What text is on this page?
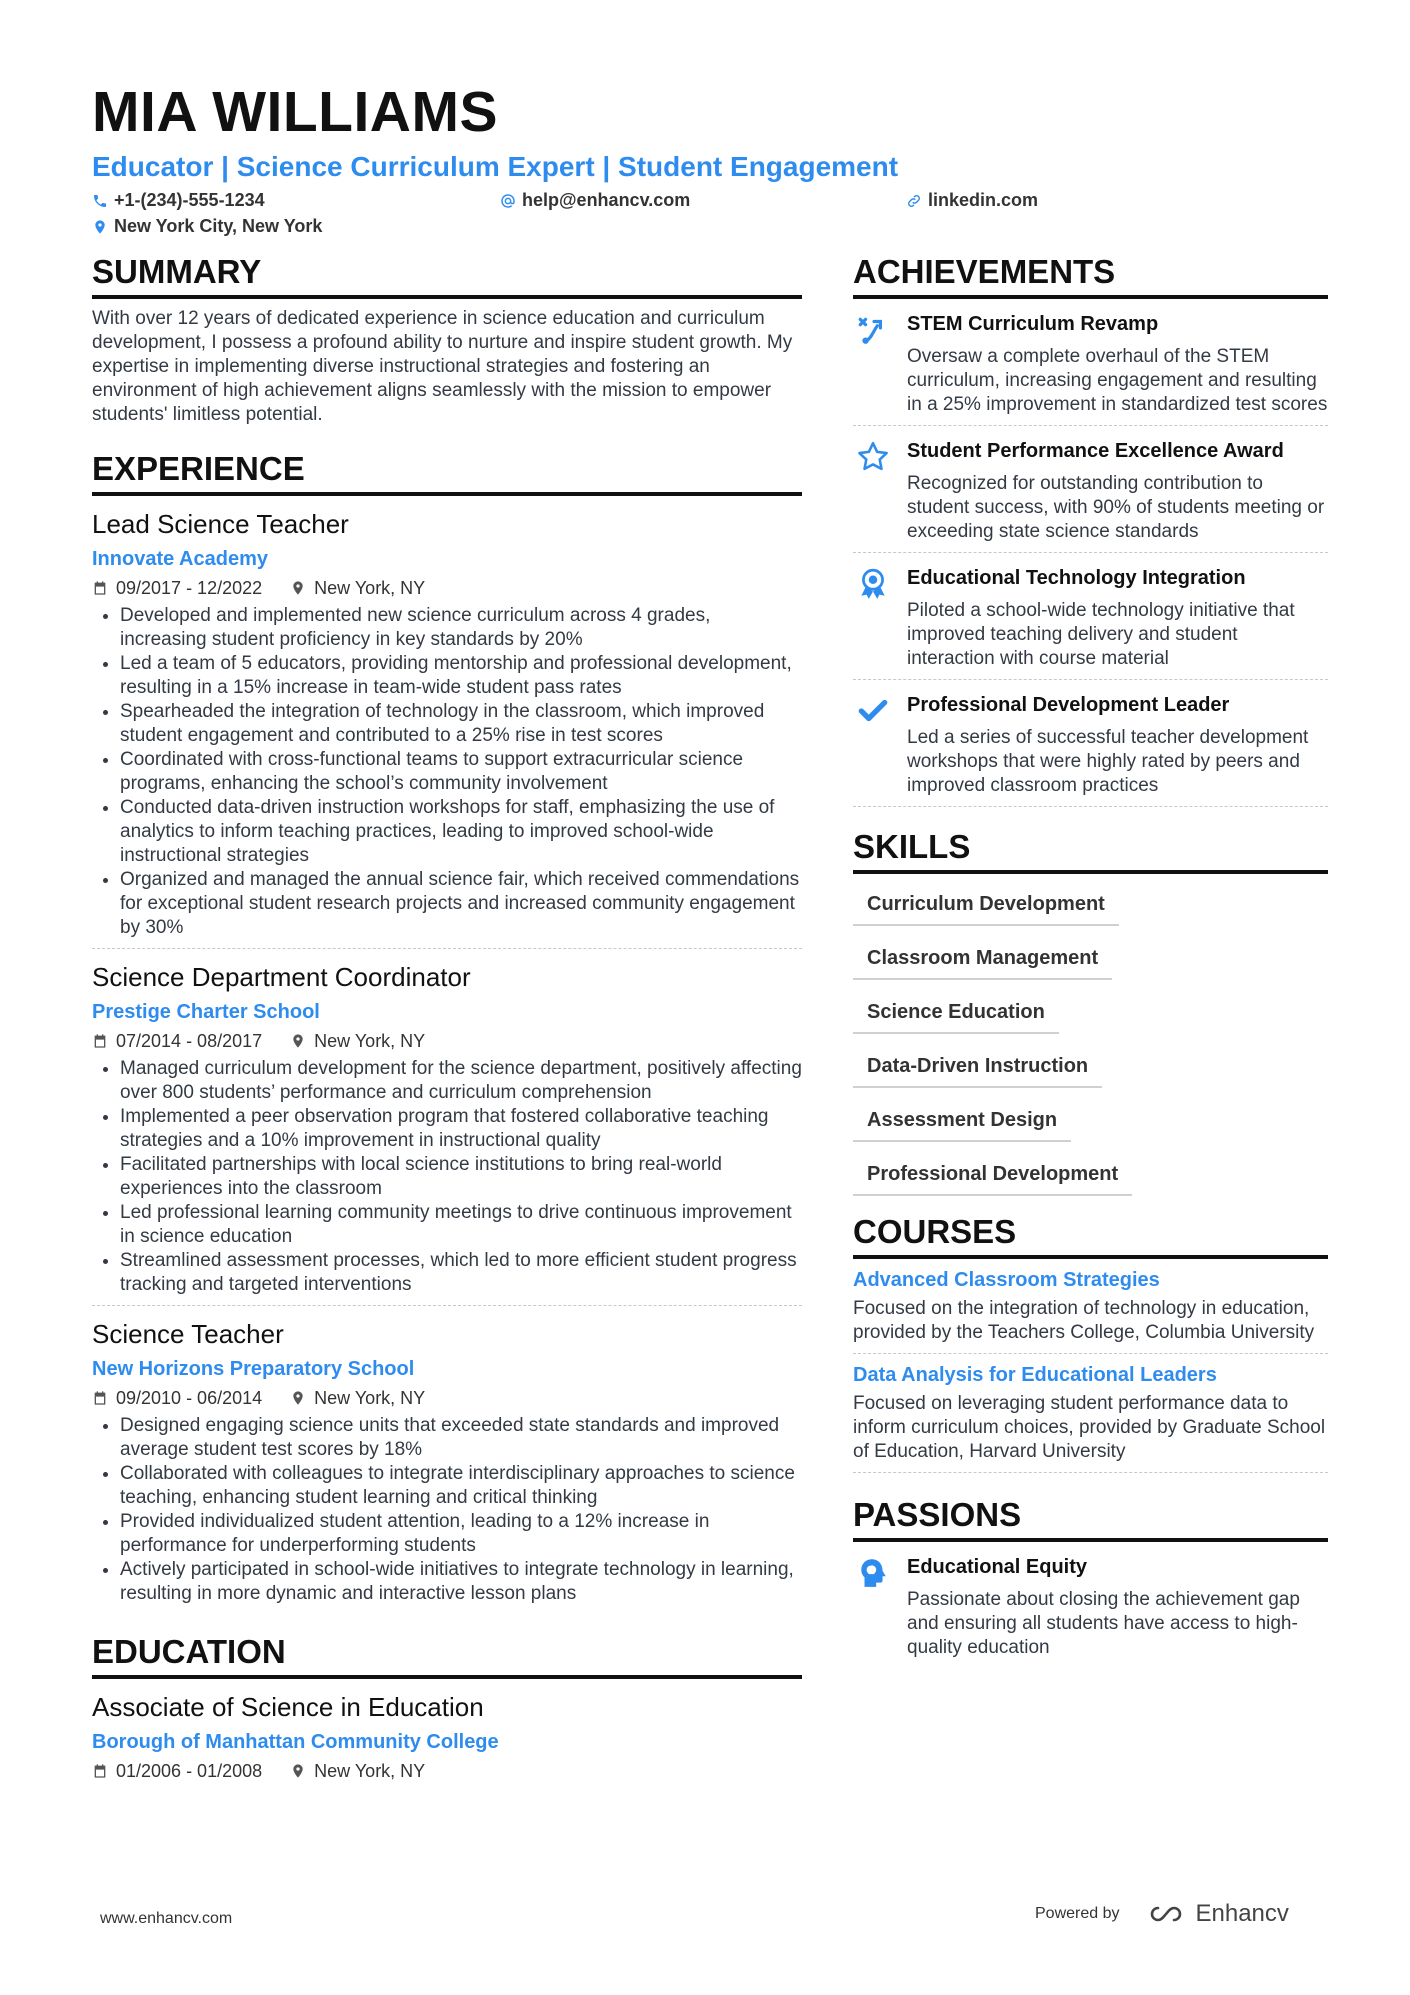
MIA WILLIAMS
Educator | Science Curriculum Expert | Student Engagement
+1-(234)-555-1234	help@enhancv.com	linkedin.com
New York City, New York
SUMMARY
With over 12 years of dedicated experience in science education and curriculum development, I possess a profound ability to nurture and inspire student growth. My expertise in implementing diverse instructional strategies and fostering an environment of high achievement aligns seamlessly with the mission to empower students' limitless potential.
EXPERIENCE
Lead Science Teacher
Innovate Academy
09/2017 - 12/2022	New York, NY
• Developed and implemented new science curriculum across 4 grades, increasing student proficiency in key standards by 20%
• Led a team of 5 educators, providing mentorship and professional development, resulting in a 15% increase in team-wide student pass rates
• Spearheaded the integration of technology in the classroom, which improved student engagement and contributed to a 25% rise in test scores
• Coordinated with cross-functional teams to support extracurricular science programs, enhancing the school’s community involvement
• Conducted data-driven instruction workshops for staff, emphasizing the use of analytics to inform teaching practices, leading to improved school-wide instructional strategies
• Organized and managed the annual science fair, which received commendations for exceptional student research projects and increased community engagement by 30%
Science Department Coordinator
Prestige Charter School
07/2014 - 08/2017	New York, NY
• Managed curriculum development for the science department, positively affecting over 800 students’ performance and curriculum comprehension
• Implemented a peer observation program that fostered collaborative teaching strategies and a 10% improvement in instructional quality
• Facilitated partnerships with local science institutions to bring real-world experiences into the classroom
• Led professional learning community meetings to drive continuous improvement in science education
• Streamlined assessment processes, which led to more efficient student progress tracking and targeted interventions
Science Teacher
New Horizons Preparatory School
09/2010 - 06/2014	New York, NY
• Designed engaging science units that exceeded state standards and improved average student test scores by 18%
• Collaborated with colleagues to integrate interdisciplinary approaches to science teaching, enhancing student learning and critical thinking
• Provided individualized student attention, leading to a 12% increase in performance for underperforming students
• Actively participated in school-wide initiatives to integrate technology in learning, resulting in more dynamic and interactive lesson plans
EDUCATION
Associate of Science in Education
Borough of Manhattan Community College
01/2006 - 01/2008	New York, NY
ACHIEVEMENTS
STEM Curriculum Revamp
Oversaw a complete overhaul of the STEM curriculum, increasing engagement and resulting in a 25% improvement in standardized test scores
Student Performance Excellence Award
Recognized for outstanding contribution to student success, with 90% of students meeting or exceeding state science standards
Educational Technology Integration
Piloted a school-wide technology initiative that improved teaching delivery and student interaction with course material
Professional Development Leader
Led a series of successful teacher development workshops that were highly rated by peers and improved classroom practices
SKILLS
Curriculum Development
Classroom Management
Science Education
Data-Driven Instruction
Assessment Design
Professional Development
COURSES
Advanced Classroom Strategies
Focused on the integration of technology in education, provided by the Teachers College, Columbia University
Data Analysis for Educational Leaders
Focused on leveraging student performance data to inform curriculum choices, provided by Graduate School of Education, Harvard University
PASSIONS
Educational Equity
Passionate about closing the achievement gap and ensuring all students have access to high-quality education
www.enhancv.com	Powered by	Enhancv
